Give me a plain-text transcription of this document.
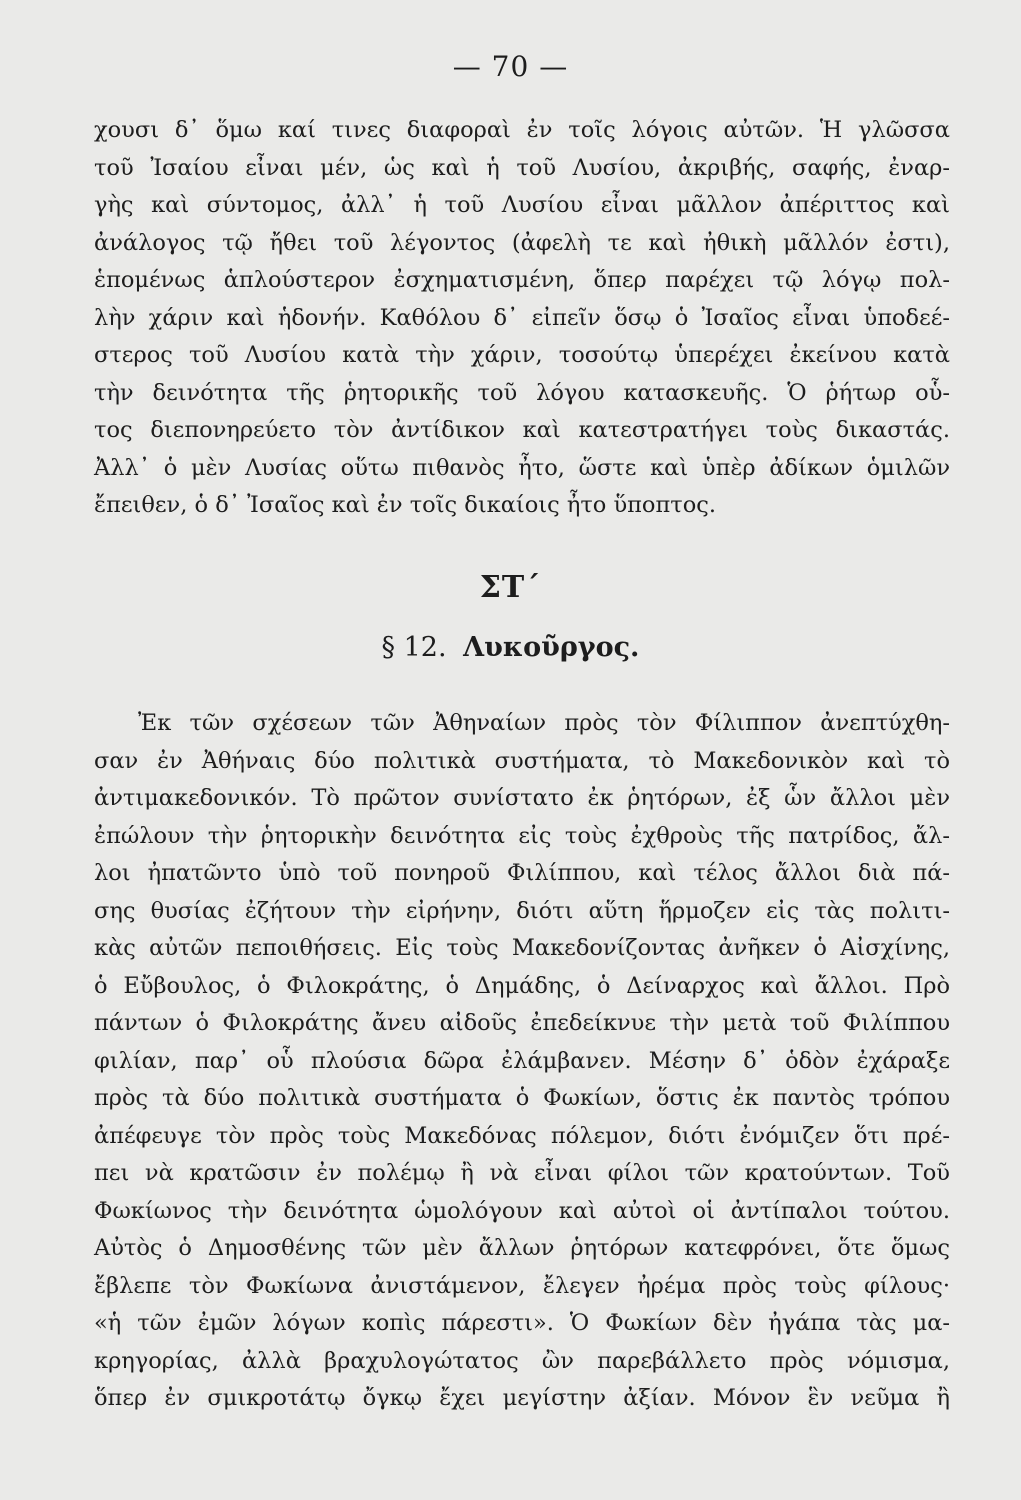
— 70 —
χουσι δ᾽ ὅμω καί τινες διαφοραὶ ἐν τοῖς λόγοις αὐτῶν. Ἡ γλῶσσα
τοῦ Ἰσαίου εἶναι μέν, ὡς καὶ ἡ τοῦ Λυσίου, ἀκριβής, σαφής, ἐναρ-
γὴς καὶ σύντομος, ἀλλ᾽ ἡ τοῦ Λυσίου εἶναι μᾶλλον ἀπέριττος καὶ
ἀνάλογος τῷ ἤθει τοῦ λέγοντος (ἀφελὴ τε καὶ ἠθικὴ μᾶλλόν ἐστι),
ἑπομένως ἁπλούστερον ἐσχηματισμένη, ὅπερ παρέχει τῷ λόγῳ πολ-
λὴν χάριν καὶ ἡδονήν. Καθόλου δ᾽ εἰπεῖν ὅσῳ ὁ Ἰσαῖος εἶναι ὑποδεέ-
στερος τοῦ Λυσίου κατὰ τὴν χάριν, τοσούτῳ ὑπερέχει ἐκείνου κατὰ
τὴν δεινότητα τῆς ῥητορικῆς τοῦ λόγου κατασκευῆς. Ὁ ῥήτωρ οὗ-
τος διεπονηρεύετο τὸν ἀντίδικον καὶ κατεστρατήγει τοὺς δικαστάς.
Ἀλλ᾽ ὁ μὲν Λυσίας οὕτω πιθανὸς ἦτο, ὥστε καὶ ὑπὲρ ἀδίκων ὁμιλῶν
ἔπειθεν, ὁ δ᾽ Ἰσαῖος καὶ ἐν τοῖς δικαίοις ἦτο ὕποπτος.
ΣΤ΄
§ 12. Λυκοῦργος.
Ἐκ τῶν σχέσεων τῶν Ἀθηναίων πρὸς τὸν Φίλιππον ἀνεπτύχθη-
σαν ἐν Ἀθήναις δύο πολιτικὰ συστήματα, τὸ Μακεδονικὸν καὶ τὸ
ἀντιμακεδονικόν. Τὸ πρῶτον συνίστατο ἐκ ῥητόρων, ἐξ ὧν ἄλλοι μὲν
ἐπώλουν τὴν ῥητορικὴν δεινότητα εἰς τοὺς ἐχθροὺς τῆς πατρίδος, ἄλ-
λοι ἠπατῶντο ὑπὸ τοῦ πονηροῦ Φιλίππου, καὶ τέλος ἄλλοι διὰ πά-
σης θυσίας ἐζήτουν τὴν εἰρήνην, διότι αὕτη ἥρμοζεν εἰς τὰς πολιτι-
κὰς αὐτῶν πεποιθήσεις. Εἰς τοὺς Μακεδονίζοντας ἀνῆκεν ὁ Αἰσχίνης,
ὁ Εὔβουλος, ὁ Φιλοκράτης, ὁ Δημάδης, ὁ Δείναρχος καὶ ἄλλοι. Πρὸ
πάντων ὁ Φιλοκράτης ἄνευ αἰδοῦς ἐπεδείκνυε τὴν μετὰ τοῦ Φιλίππου
φιλίαν, παρ᾽ οὗ πλούσια δῶρα ἐλάμβανεν. Μέσην δ᾽ ὁδὸν ἐχάραξε
πρὸς τὰ δύο πολιτικὰ συστήματα ὁ Φωκίων, ὅστις ἐκ παντὸς τρόπου
ἀπέφευγε τὸν πρὸς τοὺς Μακεδόνας πόλεμον, διότι ἐνόμιζεν ὅτι πρέ-
πει νὰ κρατῶσιν ἐν πολέμῳ ἢ νὰ εἶναι φίλοι τῶν κρατούντων. Τοῦ
Φωκίωνος τὴν δεινότητα ὡμολόγουν καὶ αὐτοὶ οἱ ἀντίπαλοι τούτου.
Αὐτὸς ὁ Δημοσθένης τῶν μὲν ἄλλων ῥητόρων κατεφρόνει, ὅτε ὅμως
ἔβλεπε τὸν Φωκίωνα ἀνιστάμενον, ἔλεγεν ἠρέμα πρὸς τοὺς φίλους·
«ἡ τῶν ἐμῶν λόγων κοπὶς πάρεστι». Ὁ Φωκίων δὲν ἠγάπα τὰς μα-
κρηγορίας, ἀλλὰ βραχυλογώτατος ὢν παρεβάλλετο πρὸς νόμισμα,
ὅπερ ἐν σμικροτάτῳ ὄγκῳ ἔχει μεγίστην ἀξίαν. Μόνον ἓν νεῦμα ἢ
